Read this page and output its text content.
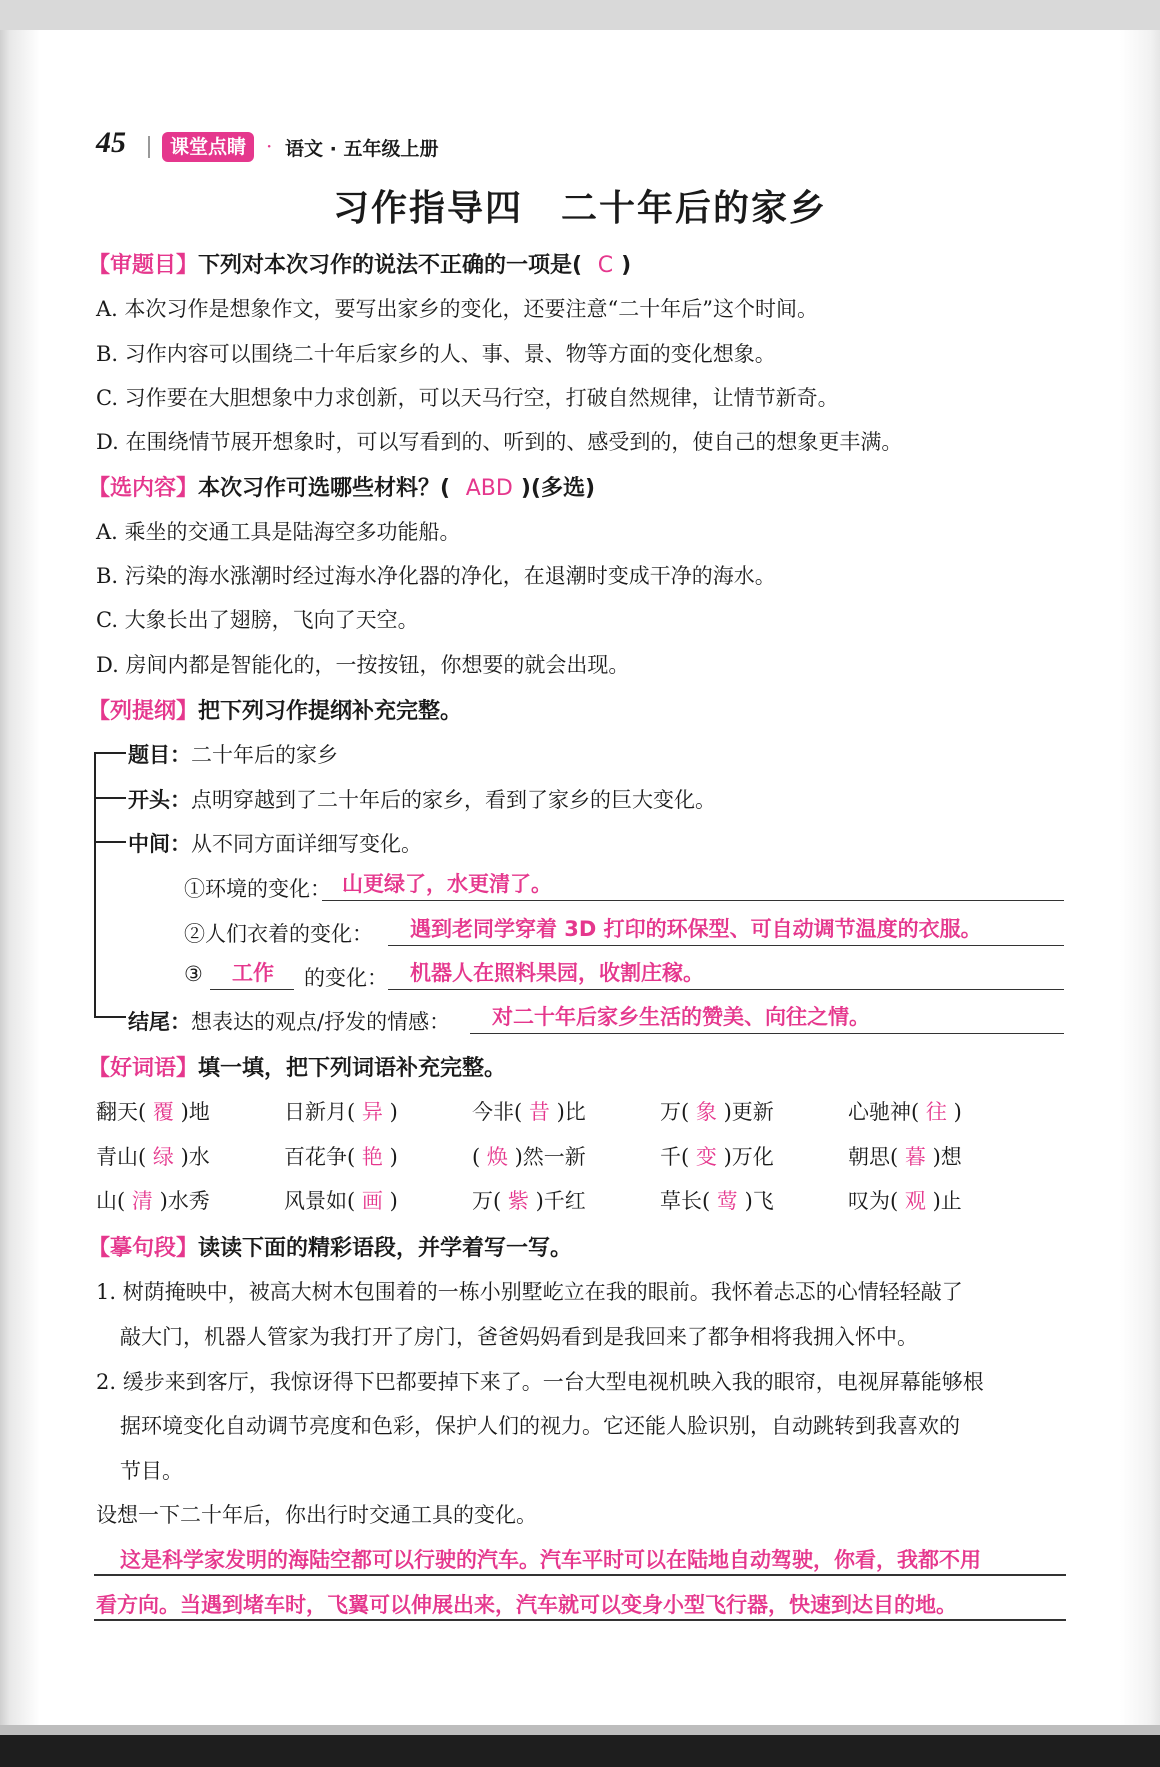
45	课堂点睛 · 语文 · 五年级上册
习作指导四　二十年后的家乡
【审题目】下列对本次习作的说法不正确的一项是( C )
A. 本次习作是想象作文，要写出家乡的变化，还要注意“二十年后”这个时间。
B. 习作内容可以围绕二十年后家乡的人、事、景、物等方面的变化想象。
C. 习作要在大胆想象中力求创新，可以天马行空，打破自然规律，让情节新奇。
D. 在围绕情节展开想象时，可以写看到的、听到的、感受到的，使自己的想象更丰满。
【选内容】本次习作可选哪些材料？( ABD )(多选)
A. 乘坐的交通工具是陆海空多功能船。
B. 污染的海水涨潮时经过海水净化器的净化，在退潮时变成干净的海水。
C. 大象长出了翅膀，飞向了天空。
D. 房间内都是智能化的，一按按钮，你想要的就会出现。
【列提纲】把下列习作提纲补充完整。
题目：二十年后的家乡
开头：点明穿越到了二十年后的家乡，看到了家乡的巨大变化。
中间：从不同方面详细写变化。
①环境的变化： 山更绿了，水更清了。
②人们衣着的变化： 遇到老同学穿着 3D 打印的环保型、可自动调节温度的衣服。
③ 工作 的变化： 机器人在照料果园，收割庄稼。
结尾：想表达的观点/抒发的情感： 对二十年后家乡生活的赞美、向往之情。
【好词语】填一填，把下列词语补充完整。
翻天( 覆 )地	日新月( 异 )	今非( 昔 )比	万( 象 )更新	心驰神( 往 )
青山( 绿 )水	百花争( 艳 )	( 焕 )然一新	千( 变 )万化	朝思( 暮 )想
山( 清 )水秀	风景如( 画 )	万( 紫 )千红	草长( 莺 )飞	叹为( 观 )止
【摹句段】读读下面的精彩语段，并学着写一写。
1. 树荫掩映中，被高大树木包围着的一栋小别墅屹立在我的眼前。我怀着忐忑的心情轻轻敲了
敲大门，机器人管家为我打开了房门，爸爸妈妈看到是我回来了都争相将我拥入怀中。
2. 缓步来到客厅，我惊讶得下巴都要掉下来了。一台大型电视机映入我的眼帘，电视屏幕能够根
据环境变化自动调节亮度和色彩，保护人们的视力。它还能人脸识别，自动跳转到我喜欢的
节目。
设想一下二十年后，你出行时交通工具的变化。
这是科学家发明的海陆空都可以行驶的汽车。汽车平时可以在陆地自动驾驶，你看，我都不用
看方向。当遇到堵车时，飞翼可以伸展出来，汽车就可以变身小型飞行器，快速到达目的地。
